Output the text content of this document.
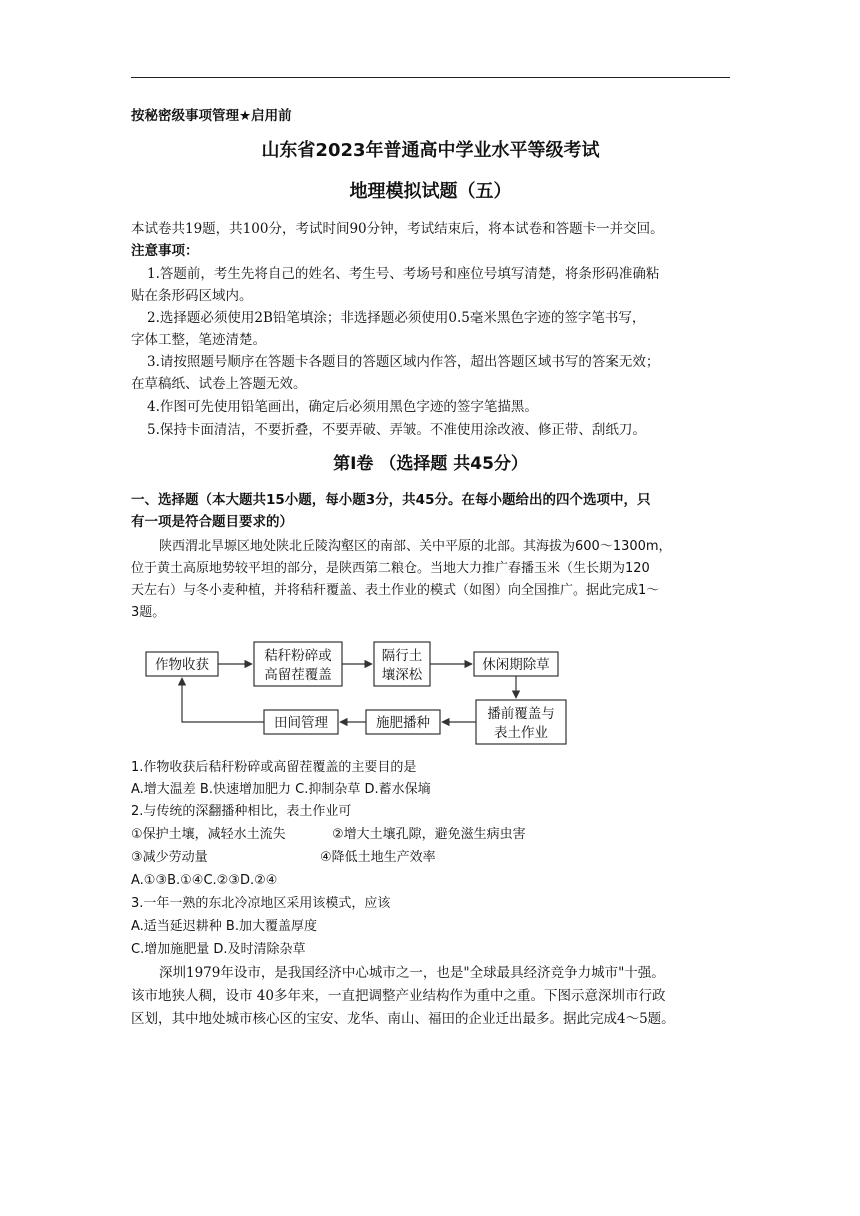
按秘密级事项管理★启用前
山东省2023年普通高中学业水平等级考试
地理模拟试题（五）
本试卷共19题，共100分，考试时间90分钟，考试结束后，将本试卷和答题卡一并交回。
注意事项：
1.答题前，考生先将自己的姓名、考生号、考场号和座位号填写清楚，将条形码准确粘
贴在条形码区域内。
2.选择题必须使用2B铅笔填涂；非选择题必须使用0.5毫米黑色字迹的签字笔书写，
字体工整，笔迹清楚。
3.请按照题号顺序在答题卡各题目的答题区域内作答，超出答题区域书写的答案无效；
在草稿纸、试卷上答题无效。
4.作图可先使用铅笔画出，确定后必须用黑色字迹的签字笔描黑。
5.保持卡面清洁，不要折叠，不要弄破、弄皱。不准使用涂改液、修正带、刮纸刀。
第Ⅰ卷 （选择题 共45分）
一、选择题（本大题共15小题，每小题3分，共45分。在每小题给出的四个选项中，只
有一项是符合题目要求的）
陕西渭北旱塬区地处陕北丘陵沟壑区的南部、关中平原的北部。其海拔为600～1300m，
位于黄土高原地势较平坦的部分，是陕西第二粮仓。当地大力推广春播玉米（生长期为120
天左右）与冬小麦种植，并将秸秆覆盖、表土作业的模式（如图）向全国推广。据此完成1～
3题。
作物收获
秸秆粉碎或
高留茬覆盖
隔行土
壤深松
休闲期除草
播前覆盖与
表土作业
施肥播种
田间管理
1.作物收获后秸秆粉碎或高留茬覆盖的主要目的是
A.增大温差 B.快速增加肥力 C.抑制杂草 D.蓄水保墒
2.与传统的深翻播种相比，表土作业可
①保护土壤，减轻水土流失	②增大土壤孔隙，避免滋生病虫害
③减少劳动量	④降低土地生产效率
A.①③B.①④C.②③D.②④
3.一年一熟的东北冷凉地区采用该模式，应该
A.适当延迟耕种 B.加大覆盖厚度
C.增加施肥量 D.及时清除杂草
深圳1979年设市，是我国经济中心城市之一，也是"全球最具经济竞争力城市"十强。
该市地狭人稠，设市 40多年来，一直把调整产业结构作为重中之重。下图示意深圳市行政
区划，其中地处城市核心区的宝安、龙华、南山、福田的企业迁出最多。据此完成4～5题。
